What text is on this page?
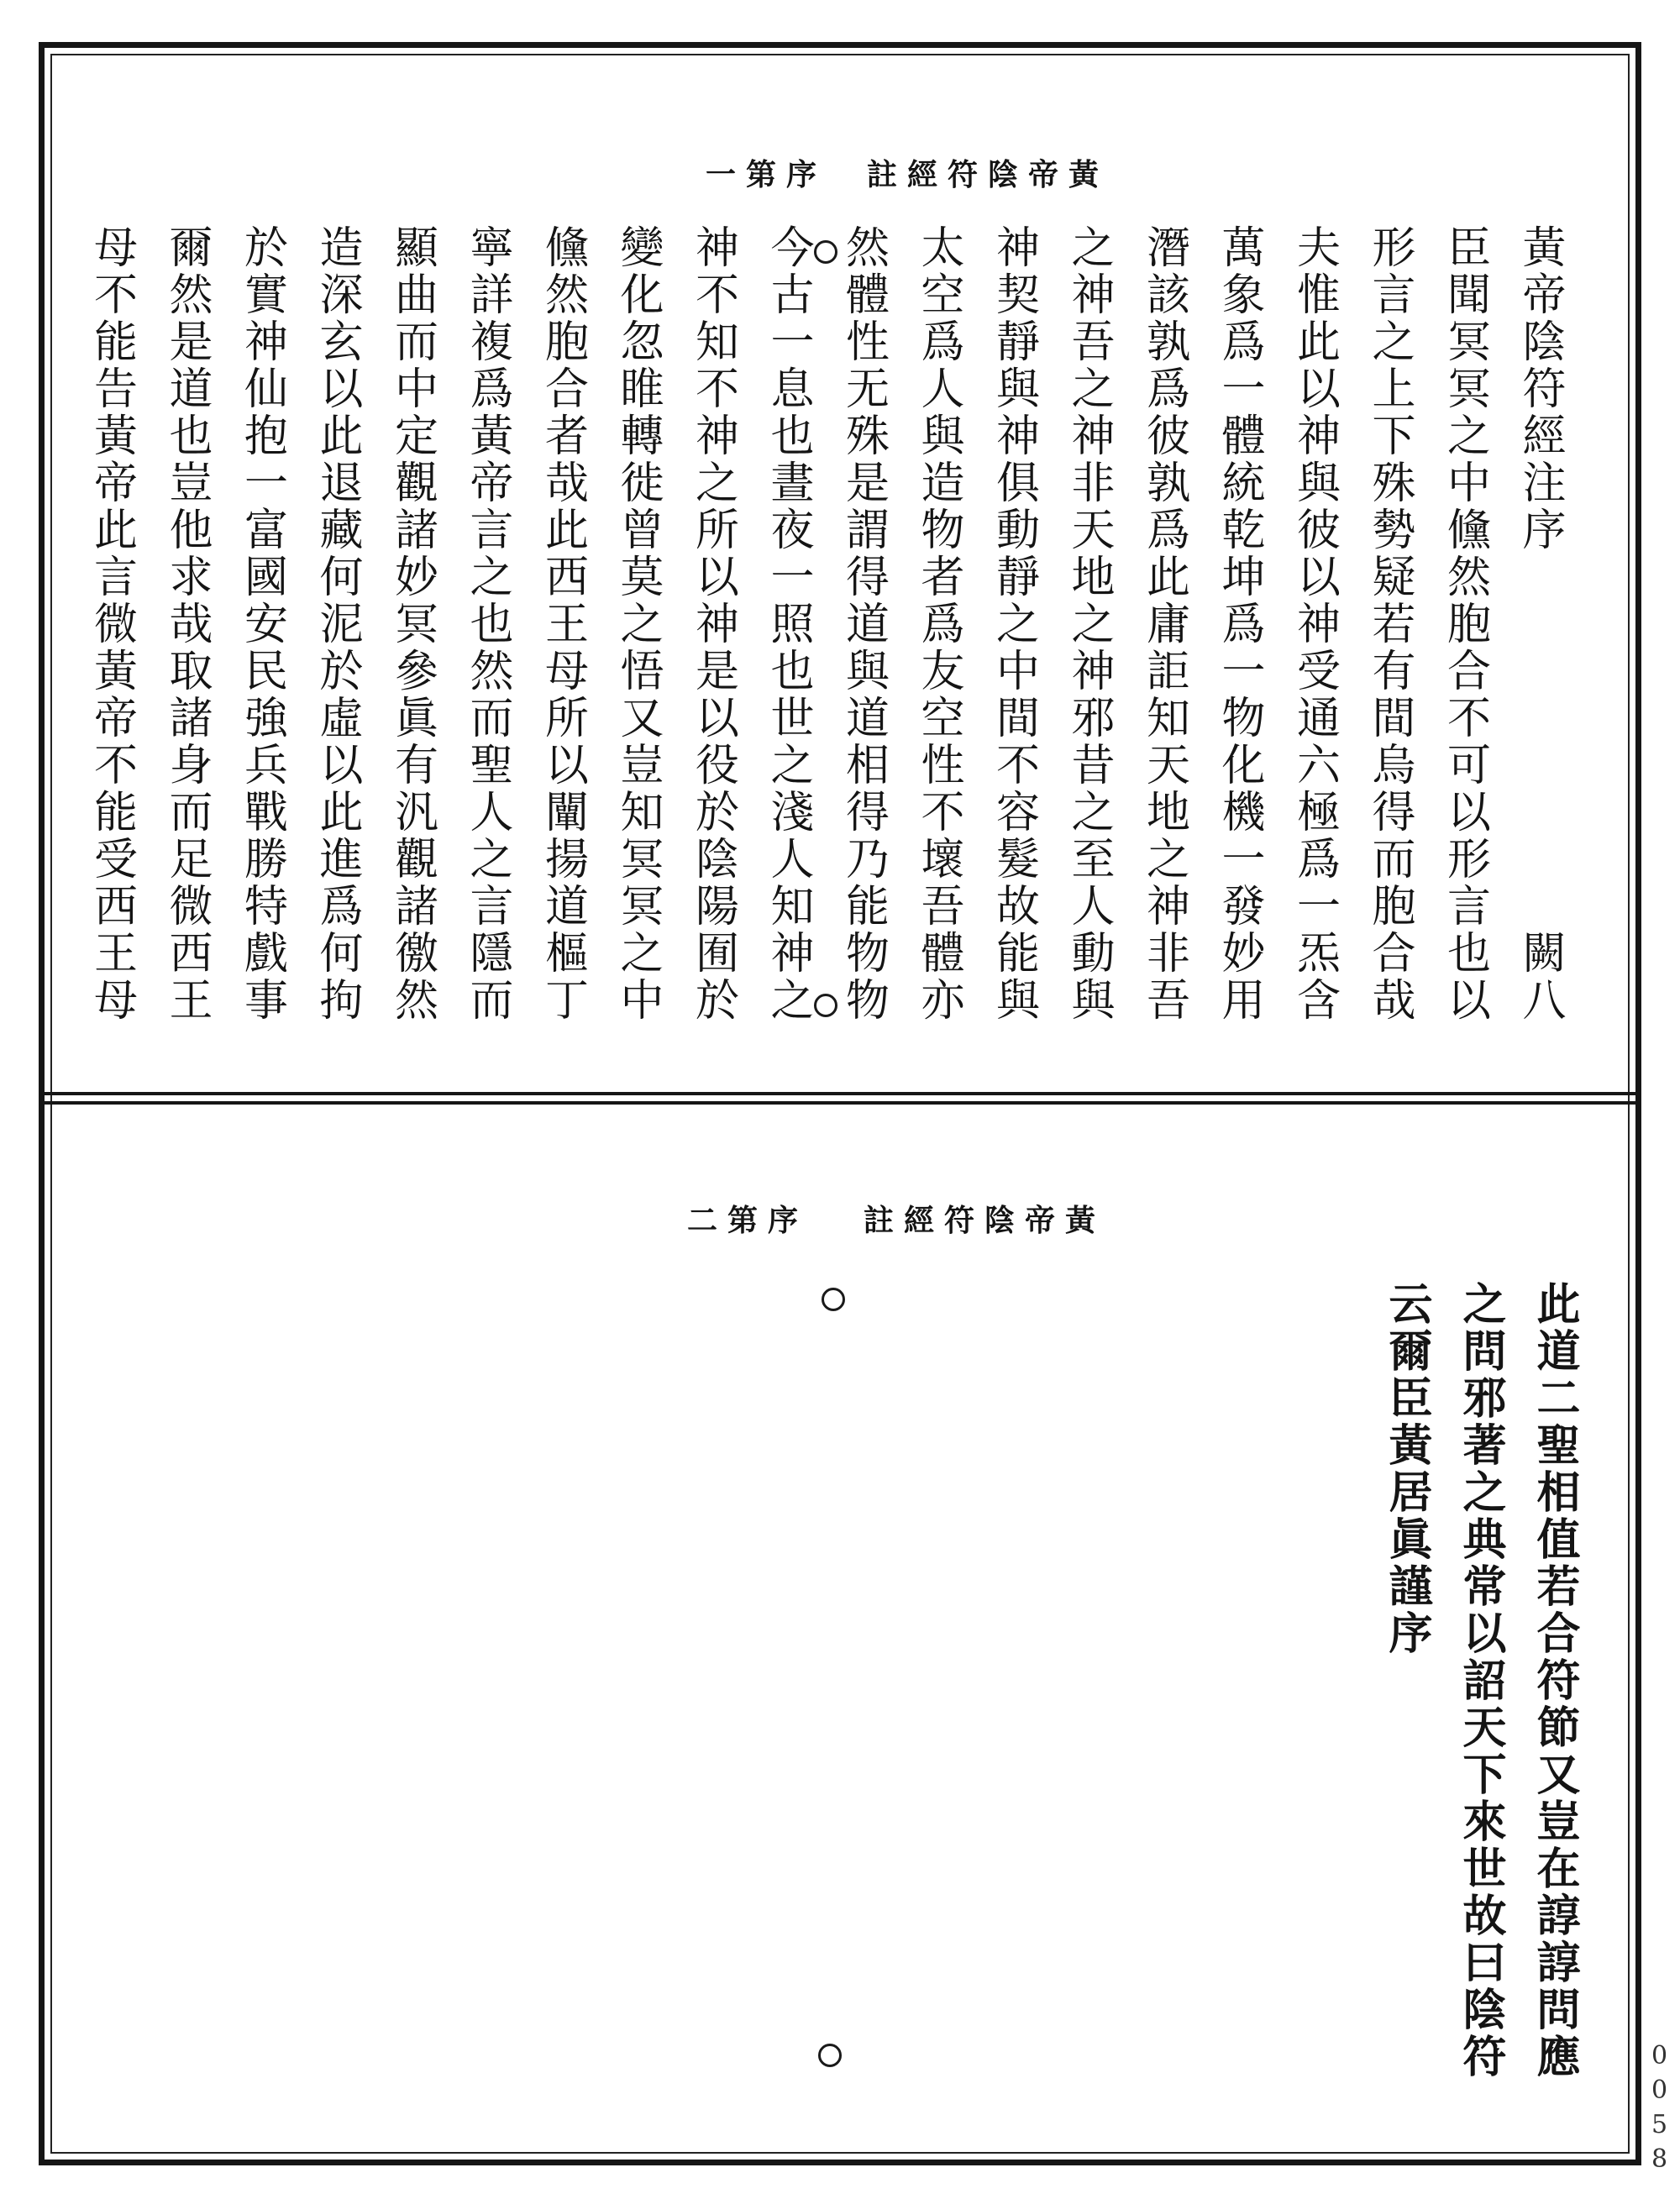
黃帝陰符經註序第一
黃帝陰符經注序
闕八
臣聞冥冥之中儵然胞合不可以形言也以
形言之上下殊勢疑若有間烏得而胞合哉
夫惟此以神與彼以神受通六極爲一炁含
萬象爲一體統乾坤爲一物化機一發妙用
潛該孰爲彼孰爲此庸詎知天地之神非吾
之神吾之神非天地之神邪昔之至人動與
神契靜與神俱動靜之中間不容髮故能與
太空爲人與造物者爲友空性不壞吾體亦
然體性无殊是謂得道與道相得乃能物物
今古一息也晝夜一照也世之淺人知神之
神不知不神之所以神是以役於陰陽囿於
變化忽睢轉徙曾莫之悟又豈知冥冥之中
儵然胞合者哉此西王母所以闡揚道樞丁
寧詳複爲黃帝言之也然而聖人之言隱而
顯曲而中定觀諸妙冥參眞有汎觀諸徼然
造深玄以此退藏何泥於虛以此進爲何拘
於實神仙抱一富國安民強兵戰勝特戲事
爾然是道也豈他求哉取諸身而足微西王
母不能告黃帝此言微黃帝不能受西王母
黃帝陰符經註序第二
此道二聖相值若合符節又豈在諄諄問應
之問邪著之典常以詔天下來世故曰陰符
云爾臣黃居眞謹序
0058
